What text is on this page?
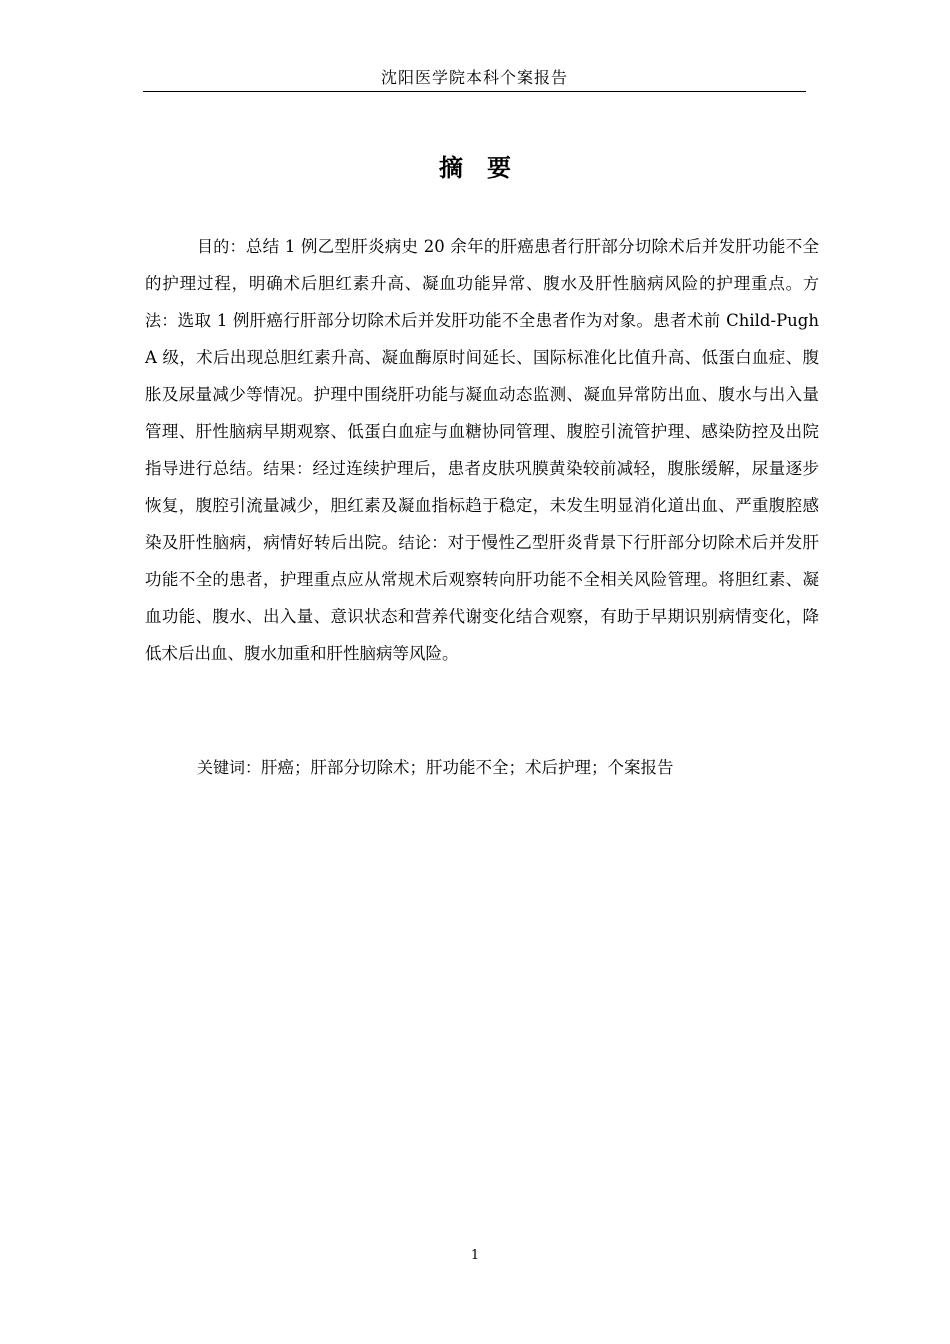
沈阳医学院本科个案报告
摘　要

目的：总结 1 例乙型肝炎病史 20 余年的肝癌患者行肝部分切除术后并发肝功能不全的护理过程，明确术后胆红素升高、凝血功能异常、腹水及肝性脑病风险的护理重点。方法：选取 1 例肝癌行肝部分切除术后并发肝功能不全患者作为对象。患者术前 Child-Pugh A 级，术后出现总胆红素升高、凝血酶原时间延长、国际标准化比值升高、低蛋白血症、腹胀及尿量减少等情况。护理中围绕肝功能与凝血动态监测、凝血异常防出血、腹水与出入量管理、肝性脑病早期观察、低蛋白血症与血糖协同管理、腹腔引流管护理、感染防控及出院指导进行总结。结果：经过连续护理后，患者皮肤巩膜黄染较前减轻，腹胀缓解，尿量逐步恢复，腹腔引流量减少，胆红素及凝血指标趋于稳定，未发生明显消化道出血、严重腹腔感染及肝性脑病，病情好转后出院。结论：对于慢性乙型肝炎背景下行肝部分切除术后并发肝功能不全的患者，护理重点应从常规术后观察转向肝功能不全相关风险管理。将胆红素、凝血功能、腹水、出入量、意识状态和营养代谢变化结合观察，有助于早期识别病情变化，降低术后出血、腹水加重和肝性脑病等风险。

关键词：肝癌；肝部分切除术；肝功能不全；术后护理；个案报告

1
